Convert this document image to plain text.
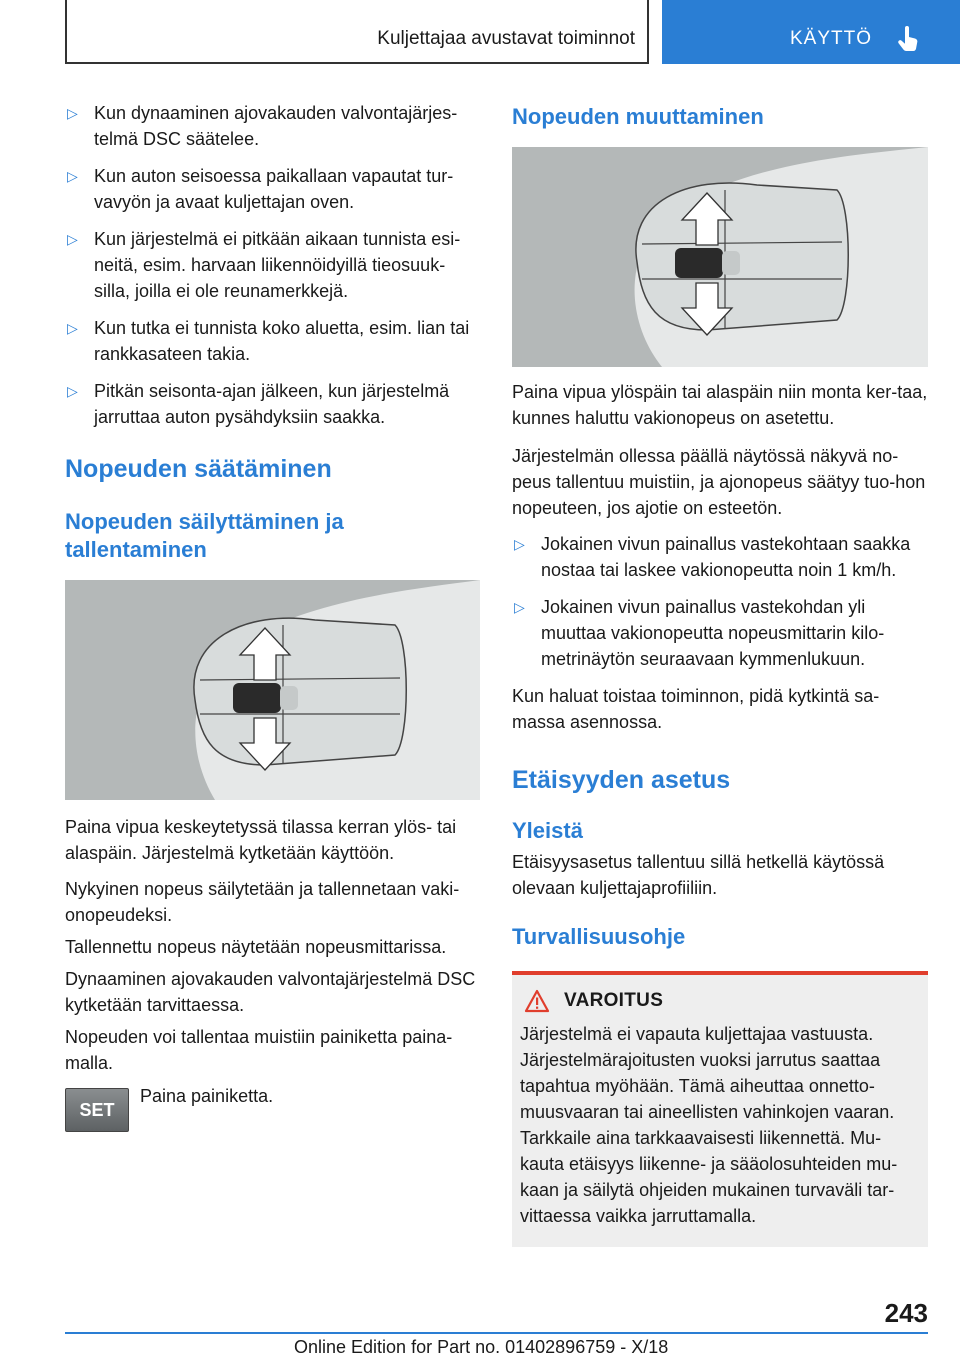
Kuljettajaa avustavat toiminnot	KÄYTTÖ
▷ Kun dynaaminen ajovakauden valvontajärjes-telmä DSC säätelee.
▷ Kun auton seisoessa paikallaan vapautat tur-vavyön ja avaat kuljettajan oven.
▷ Kun järjestelmä ei pitkään aikaan tunnista esi-neitä, esim. harvaan liikennöidyillä tieosuuk-silla, joilla ei ole reunamerkkejä.
▷ Kun tutka ei tunnista koko aluetta, esim. lian tai rankkasateen takia.
▷ Pitkän seisonta-ajan jälkeen, kun järjestelmä jarruttaa auton pysähdyksiin saakka.
Nopeuden säätäminen
Nopeuden säilyttäminen ja tallentaminen

Paina vipua keskeytetyssä tilassa kerran ylös- tai alaspäin. Järjestelmä kytketään käyttöön.

Nykyinen nopeus säilytetään ja tallennetaan vaki-onopeudeksi.

Tallennettu nopeus näytetään nopeusmittarissa.

Dynaaminen ajovakauden valvontajärjestelmä DSC kytketään tarvittaessa.

Nopeuden voi tallentaa muistiin painiketta paina-malla.

SET
Paina painiketta.
Nopeuden muuttaminen

Paina vipua ylöspäin tai alaspäin niin monta ker-taa, kunnes haluttu vakionopeus on asetettu.

Järjestelmän ollessa päällä näytössä näkyvä no-peus tallentuu muistiin, ja ajonopeus säätyy tuo-hon nopeuteen, jos ajotie on esteetön.

▷ Jokainen vivun painallus vastekohtaan saakka nostaa tai laskee vakionopeutta noin 1 km/h.
▷ Jokainen vivun painallus vastekohdan yli muuttaa vakionopeutta nopeusmittarin kilo-metrinäytön seuraavaan kymmenlukuun.

Kun haluat toistaa toiminnon, pidä kytkintä sa-massa asennossa.

Etäisyyden asetus
Yleistä

Etäisyysasetus tallentuu sillä hetkellä käytössä olevaan kuljettajaprofiiliin.

Turvallisuusohje
VAROITUS

Järjestelmä ei vapauta kuljettajaa vastuusta. Järjestelmärajoitusten vuoksi jarrutus saattaa tapahtua myöhään. Tämä aiheuttaa onnetto-muusvaaran tai aineellisten vahinkojen vaaran. Tarkkaile aina tarkkaavaisesti liikennettä. Mu-kauta etäisyys liikenne- ja sääolosuhteiden mu-kaan ja säilytä ohjeiden mukainen turvaväli tar-vittaessa vaikka jarruttamalla.

243
Online Edition for Part no. 01402896759 - X/18
